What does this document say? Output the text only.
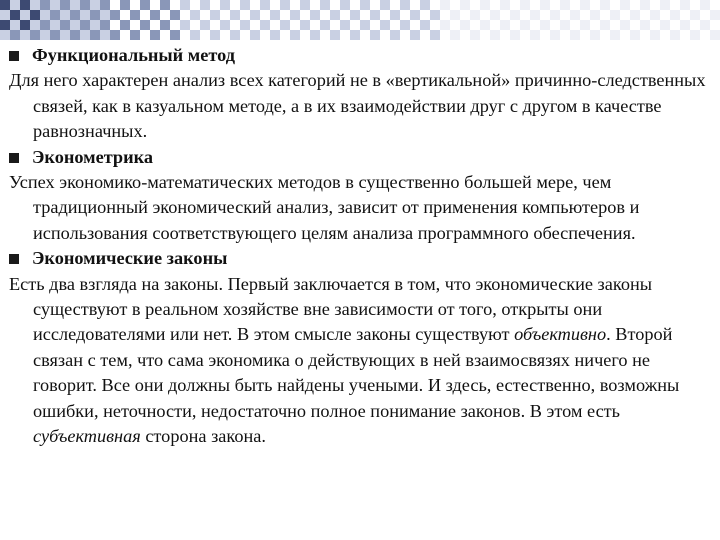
Функциональный метод

Для него характерен анализ всех категорий не в «вертикальной» причинно-следственных связей, как в казуальном методе, а в их взаимодействии друг с другом в качестве равнозначных.

Эконометрика

Успех экономико-математических методов в существенно большей мере, чем традиционный экономический анализ, зависит от применения компьютеров и использования соответствующего целям анализа программного обеспечения.

Экономические законы

Есть два взгляда на законы. Первый заключается в том, что экономические законы существуют в реальном хозяйстве вне зависимости от того, открыты они исследователями или нет. В этом смысле законы существуют объективно. Второй связан с тем, что сама экономика о действующих в ней взаимосвязях ничего не говорит. Все они должны быть найдены учеными. И здесь, естественно, возможны ошибки, неточности, недостаточно полное понимание законов. В этом есть субъективная сторона закона.
